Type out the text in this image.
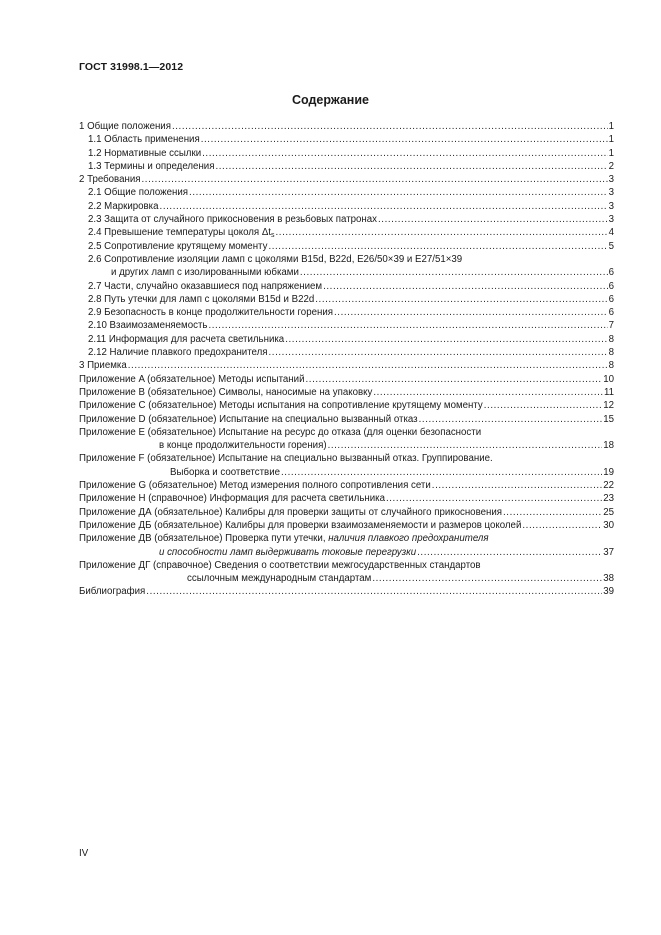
ГОСТ 31998.1—2012
Содержание
1 Общие положения .....	1
1.1 Область применения .....	1
1.2 Нормативные ссылки .....	1
1.3 Термины и определения .....	2
2 Требования .....	3
2.1 Общие положения .....	3
2.2 Маркировка .....	3
2.3 Защита от случайного прикосновения в резьбовых патронах .....	3
2.4 Превышение температуры цоколя $\Delta t_s$ .....	4
2.5 Сопротивление крутящему моменту .....	5
2.6 Сопротивление изоляции ламп с цоколями B15d, B22d, E26/50×39 и E27/51×39
и других ламп с изолированными юбками .....	6
2.7 Части, случайно оказавшиеся под напряжением .....	6
2.8 Путь утечки для ламп с цоколями B15d и B22d .....	6
2.9 Безопасность в конце продолжительности горения .....	6
2.10 Взаимозаменяемость .....	7
2.11 Информация для расчета светильника .....	8
2.12 Наличие плавкого предохранителя .....	8
3 Приемка .....	8
Приложение A (обязательное) Методы испытаний .....	10
Приложение B (обязательное) Символы, наносимые на упаковку .....	11
Приложение C (обязательное) Методы испытания на сопротивление крутящему моменту .....	12
Приложение D (обязательное) Испытание на специально вызванный отказ .....	15
Приложение E (обязательное) Испытание на ресурс до отказа (для оценки безопасности
в конце продолжительности горения) .....	18
Приложение F (обязательное) Испытание на специально вызванный отказ. Группирование.
Выборка и соответствие .....	19
Приложение G (обязательное) Метод измерения полного сопротивления сети .....	22
Приложение H (справочное) Информация для расчета светильника .....	23
Приложение ДА (обязательное) Калибры для проверки защиты от случайного прикосновения .....	25
Приложение ДБ (обязательное) Калибры для проверки взаимозаменяемости и размеров цоколей .....	30
Приложение ДВ (обязательное) Проверка пути утечки, наличия плавкого предохранителя
и способности ламп выдерживать токовые перегрузки .....	37
Приложение ДГ (справочное) Сведения о соответствии межгосударственных стандартов
ссылочным международным стандартам .....	38
Библиография .....	39
IV
